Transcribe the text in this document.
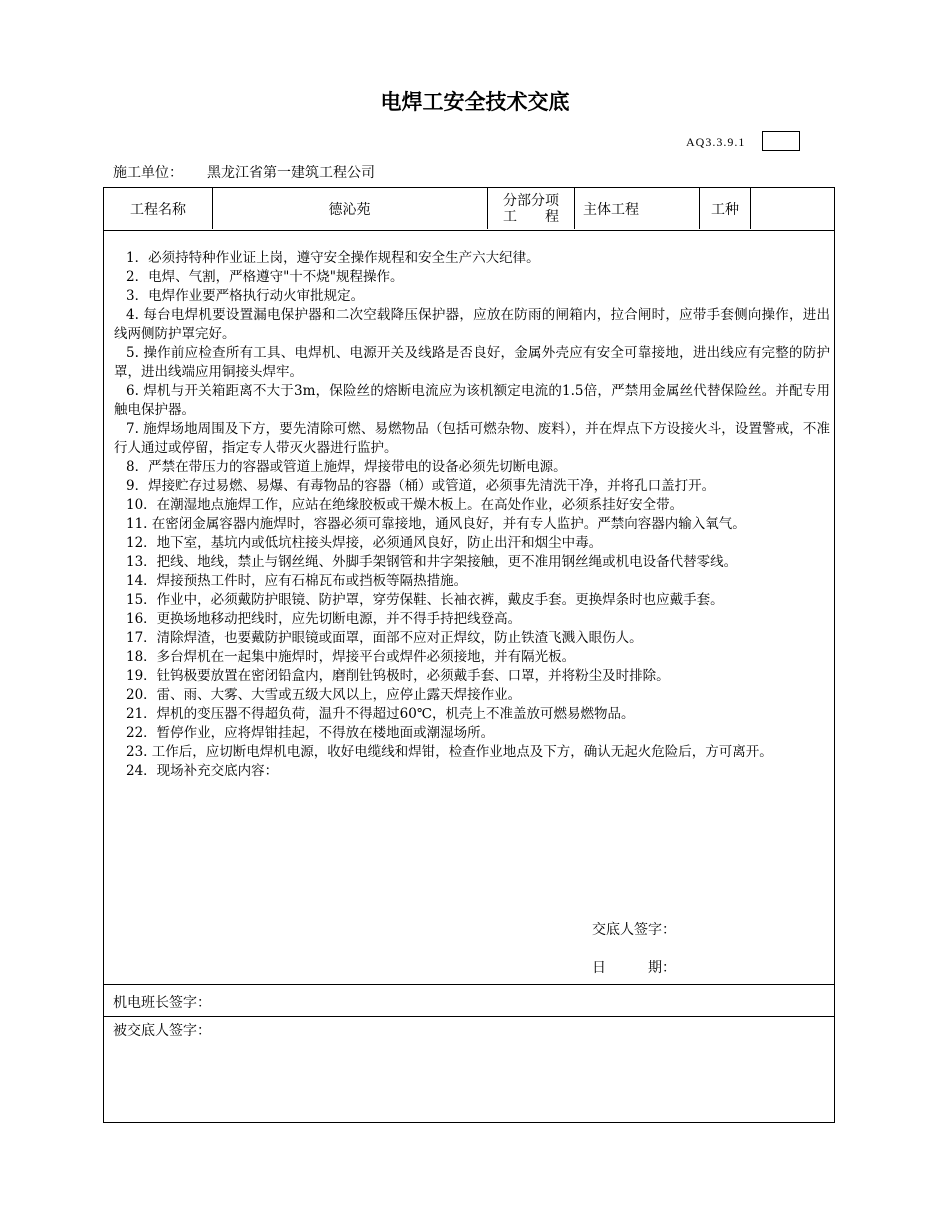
电焊工安全技术交底
AQ3.3.9.1
施工单位： 黑龙江省第一建筑工程公司
工程名称	德沁苑
分部分项
工　　程 主体工程	工种
1．必须持特种作业证上岗，遵守安全操作规程和安全生产六大纪律。
2．电焊、气割，严格遵守"十不烧"规程操作。
3．电焊作业要严格执行动火审批规定。
4. 每台电焊机要设置漏电保护器和二次空载降压保护器，应放在防雨的闸箱内，拉合闸时，应带手套侧向操作，进出线两侧防护罩完好。
5. 操作前应检查所有工具、电焊机、电源开关及线路是否良好，金属外壳应有安全可靠接地，进出线应有完整的防护罩，进出线端应用铜接头焊牢。
6. 焊机与开关箱距离不大于3m，保险丝的熔断电流应为该机额定电流的1.5倍，严禁用金属丝代替保险丝。并配专用触电保护器。
7. 施焊场地周围及下方，要先清除可燃、易燃物品（包括可燃杂物、废料），并在焊点下方设接火斗，设置警戒，不准行人通过或停留，指定专人带灭火器进行监护。
8．严禁在带压力的容器或管道上施焊，焊接带电的设备必须先切断电源。
9．焊接贮存过易燃、易爆、有毒物品的容器（桶）或管道，必须事先清洗干净，并将孔口盖打开。
10．在潮湿地点施焊工作，应站在绝缘胶板或干燥木板上。在高处作业，必须系挂好安全带。
11. 在密闭金属容器内施焊时，容器必须可靠接地，通风良好，并有专人监护。严禁向容器内输入氧气。
12．地下室，基坑内或低坑柱接头焊接，必须通风良好，防止出汗和烟尘中毒。
13．把线、地线，禁止与钢丝绳、外脚手架钢管和井字架接触，更不准用钢丝绳或机电设备代替零线。
14．焊接预热工件时，应有石棉瓦布或挡板等隔热措施。
15．作业中，必须戴防护眼镜、防护罩，穿劳保鞋、长袖衣裤，戴皮手套。更换焊条时也应戴手套。
16．更换场地移动把线时，应先切断电源，并不得手持把线登高。
17．清除焊渣，也要戴防护眼镜或面罩，面部不应对正焊纹，防止铁渣飞溅入眼伤人。
18．多台焊机在一起集中施焊时，焊接平台或焊件必须接地，并有隔光板。
19．钍钨极要放置在密闭铅盒内，磨削钍钨极时，必须戴手套、口罩，并将粉尘及时排除。
20．雷、雨、大雾、大雪或五级大风以上，应停止露天焊接作业。
21．焊机的变压器不得超负荷，温升不得超过60℃，机壳上不准盖放可燃易燃物品。
22．暂停作业，应将焊钳挂起，不得放在楼地面或潮湿场所。
23. 工作后，应切断电焊机电源，收好电缆线和焊钳，检查作业地点及下方，确认无起火危险后，方可离开。
24．现场补充交底内容：
交底人签字：
日　　　期：
机电班长签字：
被交底人签字：
